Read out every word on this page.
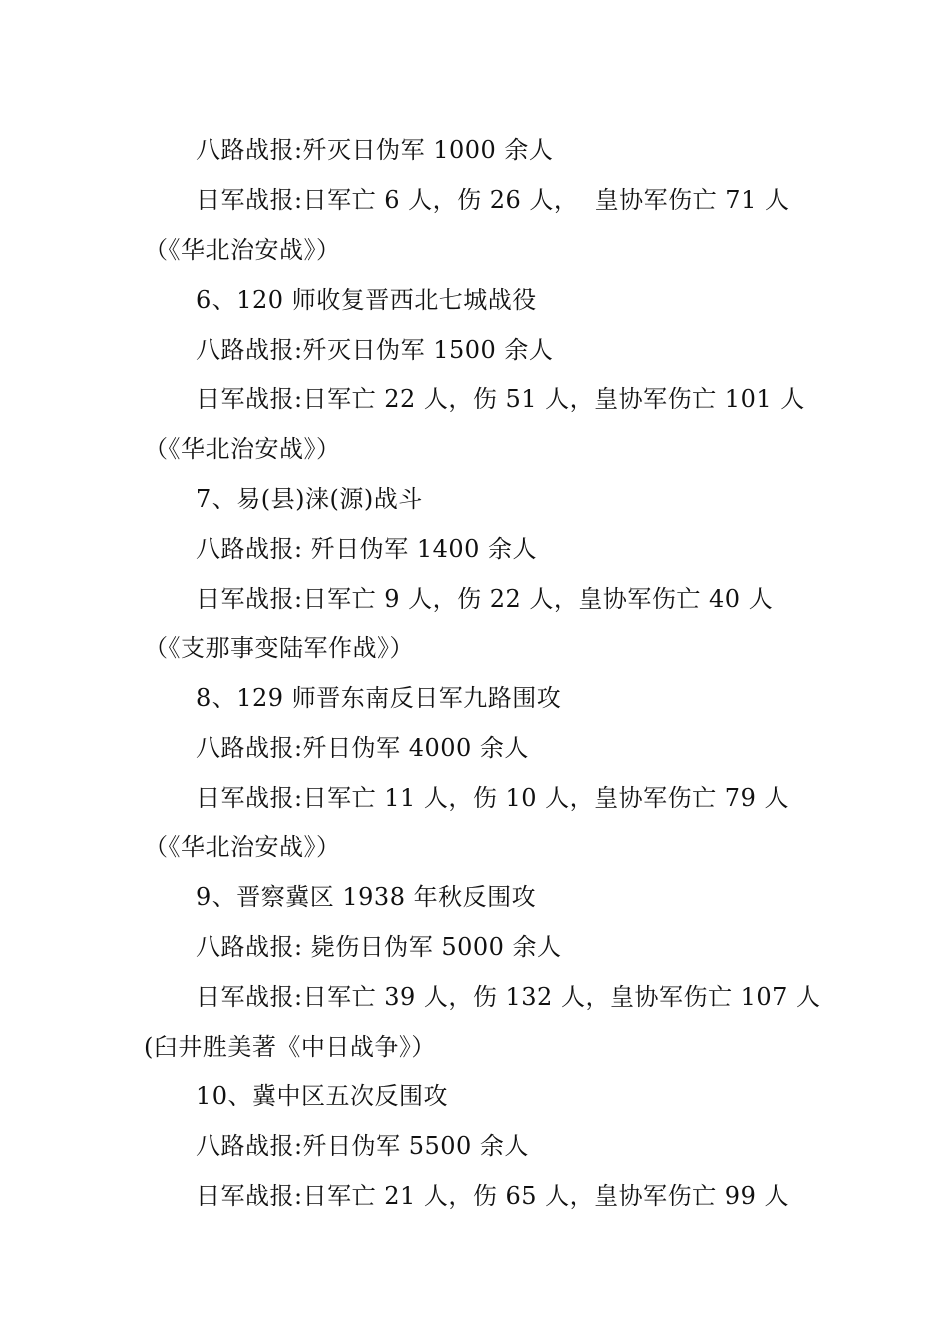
八路战报:歼灭日伪军 1000 余人
日军战报:日军亡 6 人，伤 26 人，  皇协军伤亡 71 人
（《华北治安战》）
6、120 师收复晋西北七城战役
八路战报:歼灭日伪军 1500 余人
日军战报:日军亡 22 人，伤 51 人，皇协军伤亡 101 人
（《华北治安战》）
7、易(县)涞(源)战斗
八路战报: 歼日伪军 1400 余人
日军战报:日军亡 9 人，伤 22 人，皇协军伤亡 40 人
（《支那事变陆军作战》）
8、129 师晋东南反日军九路围攻
八路战报:歼日伪军 4000 余人
日军战报:日军亡 11 人，伤 10 人，皇协军伤亡 79 人
（《华北治安战》）
9、晋察冀区 1938 年秋反围攻
八路战报: 毙伤日伪军 5000 余人
日军战报:日军亡 39 人，伤 132 人，皇协军伤亡 107 人
(臼井胜美著《中日战争》）
10、冀中区五次反围攻
八路战报:歼日伪军 5500 余人
日军战报:日军亡 21 人，伤 65 人，皇协军伤亡 99 人
